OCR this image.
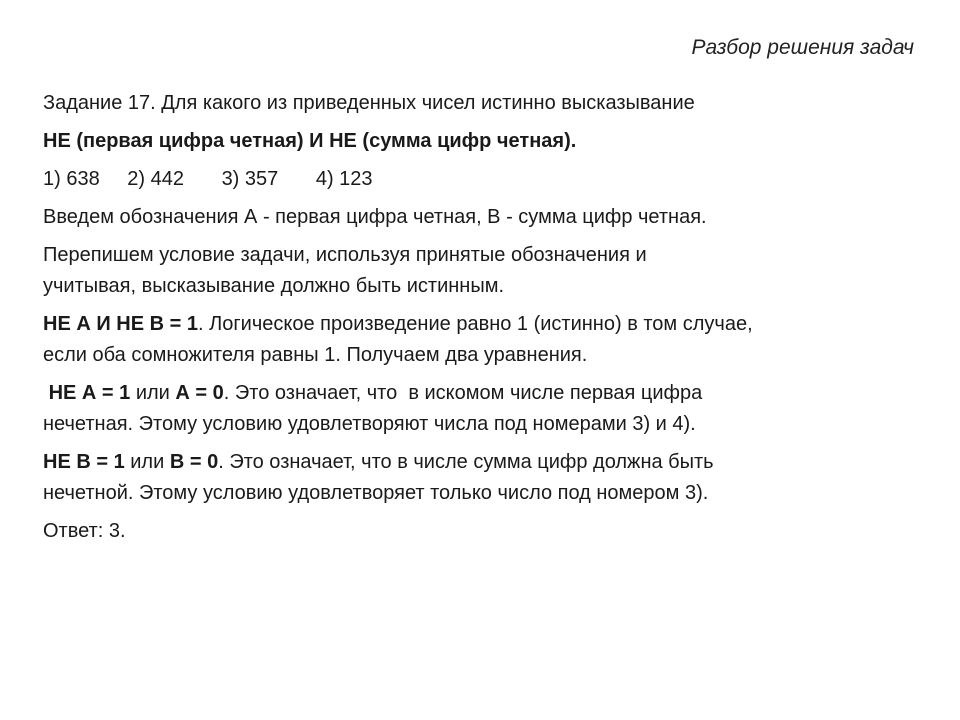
Разбор решения задач
Задание 17. Для какого из приведенных чисел истинно высказывание
НЕ (первая цифра четная) И НЕ (сумма цифр четная).
1) 638 2) 442 3) 357 4) 123
Введем обозначения А - первая цифра четная, В - сумма цифр четная.
Перепишем условие задачи, используя принятые обозначения и
учитывая, высказывание должно быть истинным.
НЕ А И НЕ В = 1. Логическое произведение равно 1 (истинно) в том случае,
если оба сомножителя равны 1. Получаем два уравнения.
НЕ А = 1 или А = 0. Это означает, что  в искомом числе первая цифра
нечетная. Этому условию удовлетворяют числа под номерами 3) и 4).
НЕ В = 1 или В = 0. Это означает, что в числе сумма цифр должна быть
нечетной. Этому условию удовлетворяет только число под номером 3).
Ответ: 3.
